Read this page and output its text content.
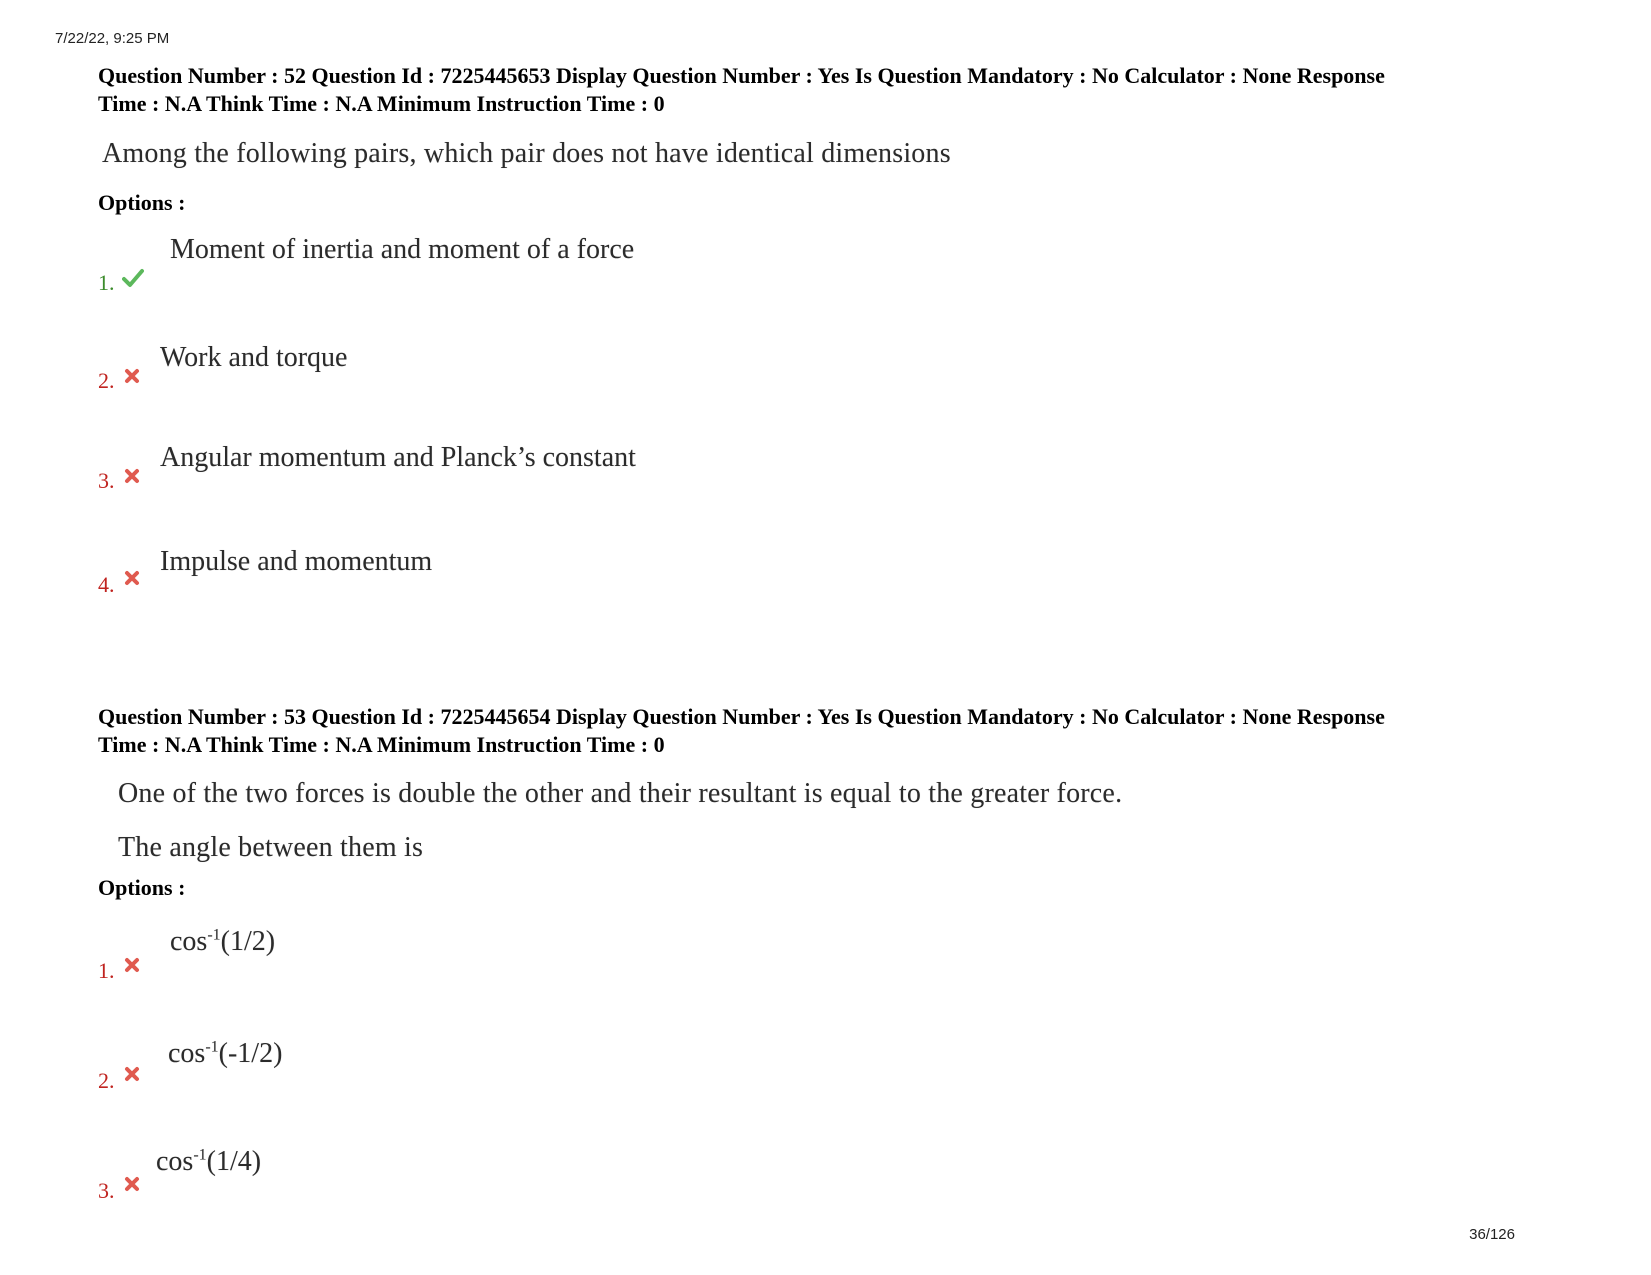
7/22/22, 9:25 PM
Question Number : 52 Question Id : 7225445653 Display Question Number : Yes Is Question Mandatory : No Calculator : None Response
Time : N.A Think Time : N.A Minimum Instruction Time : 0
Among the following pairs, which pair does not have identical dimensions
Options :
1.
Moment of inertia and moment of a force
2.
Work and torque
3.
Angular momentum and Planck’s constant
4.
Impulse and momentum
Question Number : 53 Question Id : 7225445654 Display Question Number : Yes Is Question Mandatory : No Calculator : None Response
Time : N.A Think Time : N.A Minimum Instruction Time : 0
One of the two forces is double the other and their resultant is equal to the greater force.
The angle between them is
Options :
1.
$\cos^{-1}(1/2)$
2.
$\cos^{-1}(-1/2)$
3.
$\cos^{-1}(1/4)$
36/126
